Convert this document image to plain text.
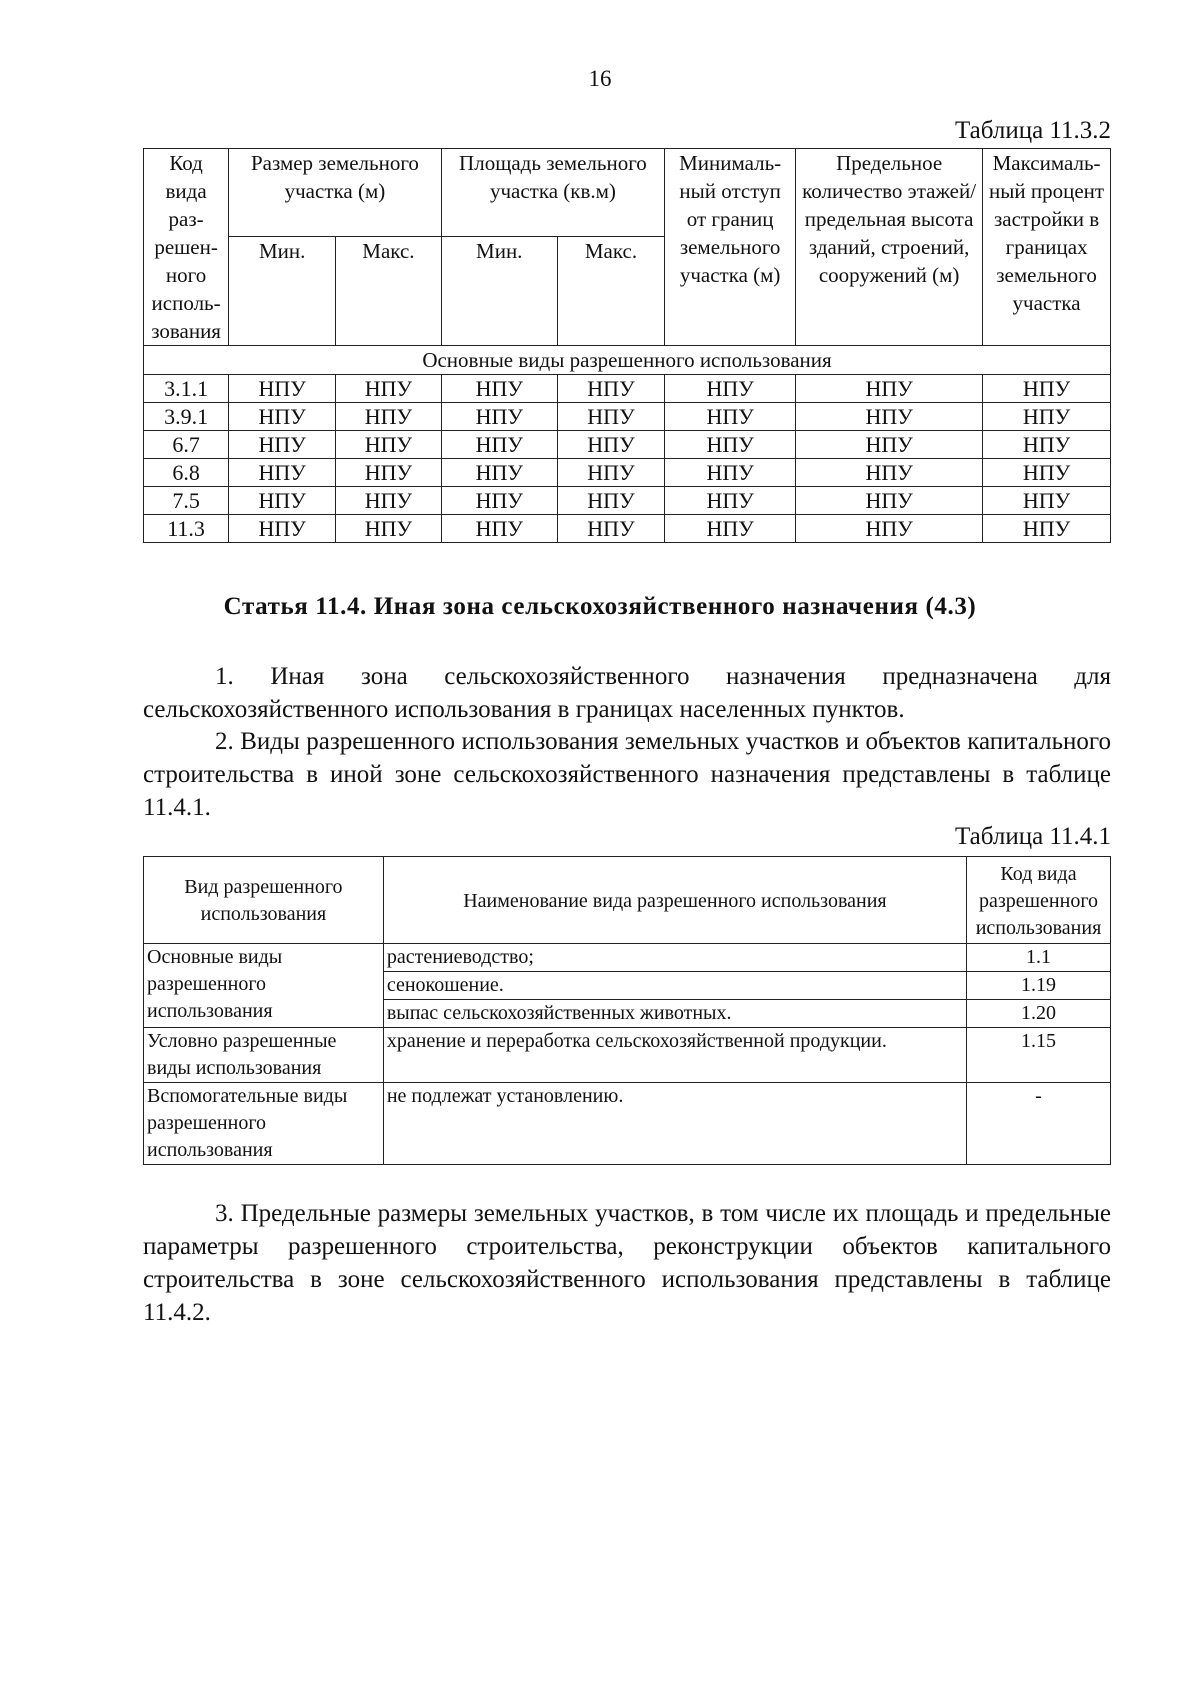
16
Таблица 11.3.2
Код вида раз-решен-ного исполь-зования	Размер земельного участка (м)		Площадь земельного участка (кв.м)		Минималь-ный отступ от границ земельного участка (м)	Предельное количество этажей/ предельная высота зданий, строений, сооружений (м)	Максималь-ный процент застройки в границах земельного участка
	Мин.	Макс.	Мин.	Макс.			
Основные виды разрешенного использования							
3.1.1	НПУ	НПУ	НПУ	НПУ	НПУ	НПУ	НПУ
3.9.1	НПУ	НПУ	НПУ	НПУ	НПУ	НПУ	НПУ
6.7	НПУ	НПУ	НПУ	НПУ	НПУ	НПУ	НПУ
6.8	НПУ	НПУ	НПУ	НПУ	НПУ	НПУ	НПУ
7.5	НПУ	НПУ	НПУ	НПУ	НПУ	НПУ	НПУ
11.3	НПУ	НПУ	НПУ	НПУ	НПУ	НПУ	НПУ
Статья 11.4. Иная зона сельскохозяйственного назначения (4.3)

1. Иная зона сельскохозяйственного назначения предназначена для сельскохозяйственного использования в границах населенных пунктов.

2. Виды разрешенного использования земельных участков и объектов капитального строительства в иной зоне сельскохозяйственного назначения представлены в таблице 11.4.1.

Таблица 11.4.1
Вид разрешенного использования	Наименование вида разрешенного использования	Код вида разрешенного использования
Основные виды разрешенного использования	растениеводство;	1.1
	сенокошение.	1.19
	выпас сельскохозяйственных животных.	1.20
Условно разрешенные виды использования	хранение и переработка сельскохозяйственной продукции.	1.15
Вспомогательные виды разрешенного использования	не подлежат установлению.	-

3. Предельные размеры земельных участков, в том числе их площадь и предельные параметры разрешенного строительства, реконструкции объектов капитального строительства в зоне сельскохозяйственного использования представлены в таблице 11.4.2.
